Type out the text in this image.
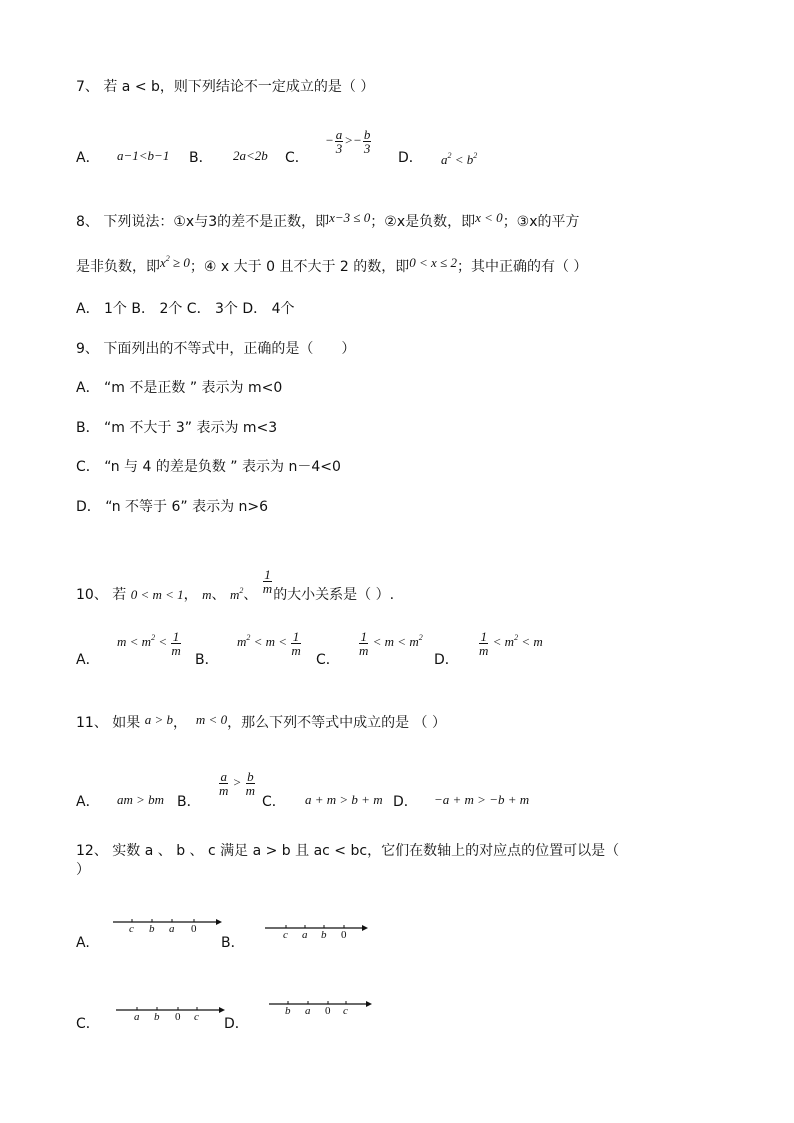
7、 若 a < b，则下列结论不一定成立的是（ ）
A． a−1<b−1 B． 2a<2b C．
− $\frac{a}{3} >- \frac{b}{3}$
D． $a^2 < b^2$
8、 下列说法：①x与3的差不是正数，即x−3 ≤ 0；②x是负数，即x < 0；③x的平方
是非负数，即$x^2 \ge 0$；④ x 大于 0 且不大于 2 的数，即0 < x ≤ 2；其中正确的有（ ）
A． 1个 B． 2个 C． 3个 D． 4个
9、 下面列出的不等式中，正确的是（　　）
A． “m 不是正数 ” 表示为 m<0
B． “m 不大于 3” 表示为 m<3
C． “n 与 4 的差是负数 ” 表示为 n－4<0
D． “n 不等于 6” 表示为 n>6
10、 若 0 < m < 1， m、 $m^2$、 $\frac{1}{m}$ 的大小关系是（ ）.
A．
$m < m^2 < \frac{1}{m}$
B．
$m^2 < m < \frac{1}{m}$
C．
$\frac{1}{m} < m < m^2$
D．
$\frac{1}{m} < m^2 < m$
11、 如果 a > b， m < 0，那么下列不等式中成立的是 （ ）
A． am > bm B．
$\frac{a}{m} > \frac{b}{m}$
C． a + m > b + m D． −a + m > −b + m
12、 实数 a 、 b 、 c 满足 a > b 且 ac < bc，它们在数轴上的对应点的位置可以是（
）
A.
c b a 0
B．	c a b 0
C．	a b 0 c D．
b a 0 c
